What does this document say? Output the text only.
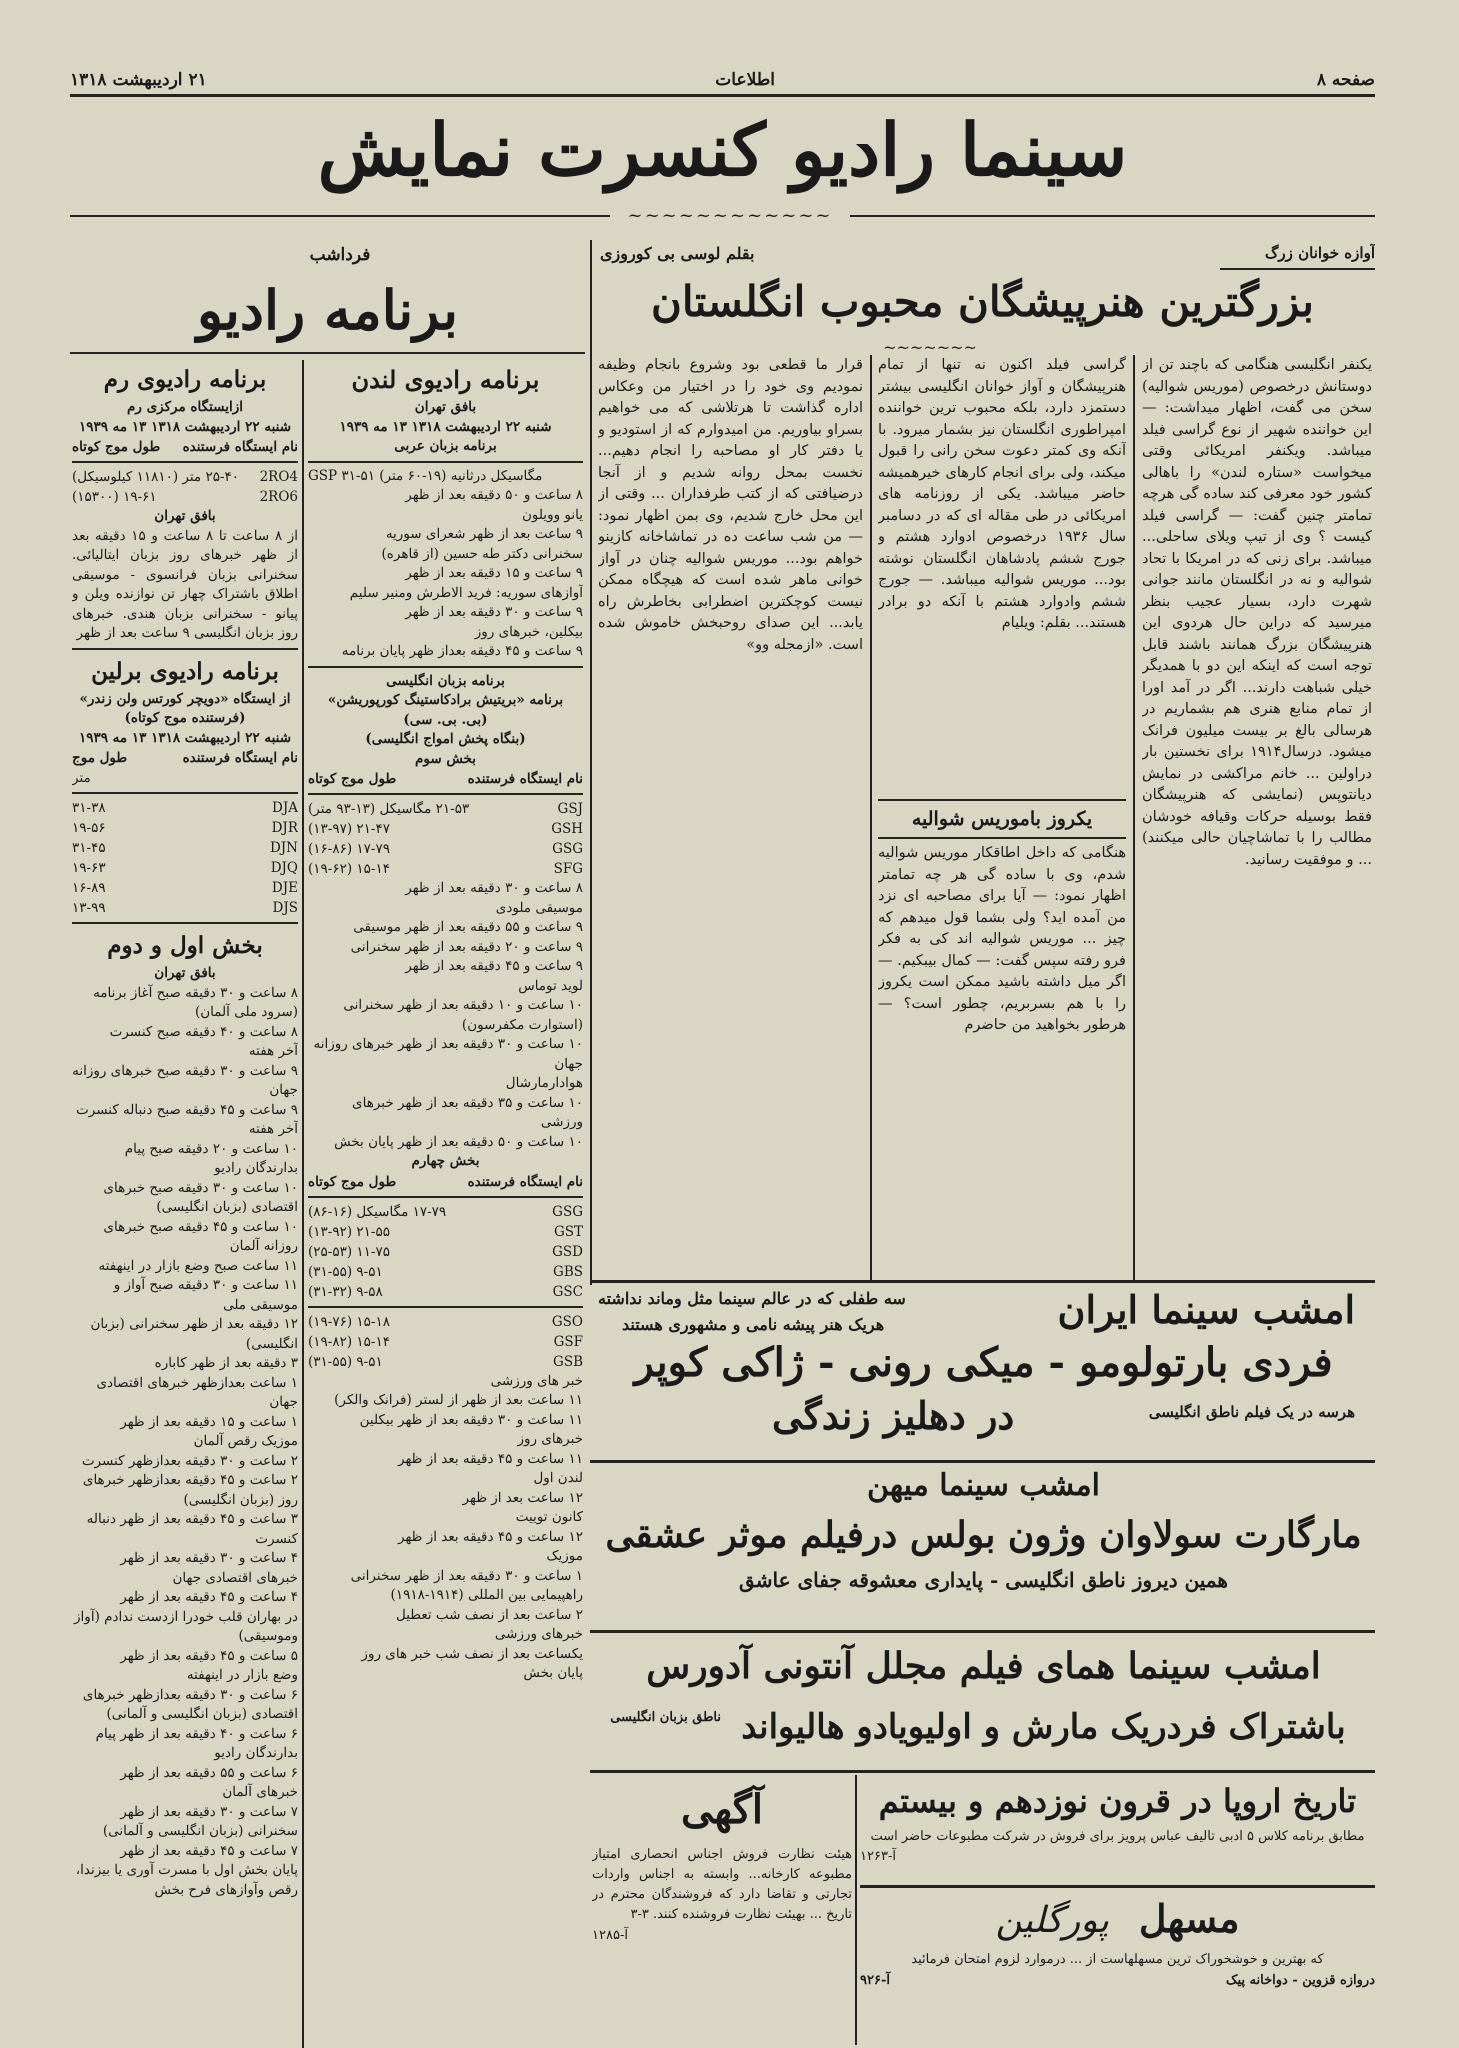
صفحه ۸
اطلاعات
۲۱ اردیبهشت ۱۳۱۸
سینما رادیو کنسرت نمایش
~~~~~~~~~~~~
آوازه خوانان زرگ
بقلم لوسی بی کوروزی
بزرگترین هنرپیشگان محبوب انگلستان
~~~~~~~
یکنفر انگلیسی هنگامی که باچند تن از دوستانش درخصوص (موریس شوالیه) سخن می گفت، اظهار میداشت: — این خواننده شهیر از نوع گراسی فیلد میباشد. ویکنفر امریکائی وقتی میخواست «ستاره لندن» را باهالی کشور خود معرفی کند ساده گی هرچه تمامتر چنین گفت: — گراسی فیلد کیست ؟ وی از تیپ ویلای ساحلی... میباشد. برای زنی که در امریکا با تحاد شوالیه و نه در انگلستان مانند جوانی شهرت دارد، بسیار عجیب بنظر میرسید که دراین حال هردوی این هنرپیشگان بزرگ همانند باشند قابل توجه است که اینکه این دو با همدیگر خیلی شباهت دارند... اگر در آمد اورا از تمام منابع هنری هم بشماریم در هرسالی بالغ بر بیست میلیون فرانک میشود. درسال۱۹۱۴ برای نخستین بار دراولین ... خانم مراکشی در نمایش دیانتوپس (نمایشی که هنرپیشگان فقط بوسیله حرکات وقیافه خودشان مطالب را با تماشاچیان حالی میکنند) ... و موفقیت رسانید.
گراسی فیلد اکنون نه تنها از تمام هنرپیشگان و آواز خوانان انگلیسی بیشتر دستمزد دارد، بلکه محبوب ترین خواننده امپراطوری انگلستان نیز بشمار میرود. با آنکه وی کمتر دعوت سخن رانی را قبول میکند، ولی برای انجام کارهای خیرهمیشه حاضر میباشد. یکی از روزنامه های امریکائی در طی مقاله ای که در دسامبر سال ۱۹۳۶ درخصوص ادوارد هشتم و جورج ششم پادشاهان انگلستان نوشته بود... موریس شوالیه میباشد. — جورج ششم وادوارد هشتم با آنکه دو برادر هستند... بقلم: ویلیام
یکروز باموریس شوالیه
هنگامی که داخل اطاقکار موریس شوالیه شدم، وی با ساده گی هر چه تمامتر اظهار نمود: — آیا برای مصاحبه ای نزد من آمده اید؟ ولی بشما قول میدهم که چیز ... موریس شوالیه اند کی به فکر فرو رفته سپس گفت: — کمال بیبکیم. — اگر میل داشته باشید ممکن است یکروز را با هم بسربریم، چطور است؟ — هرطور بخواهید من حاضرم
قرار ما قطعی بود وشروع بانجام وظیفه نمودیم وی خود را در اختیار من وعکاس اداره گذاشت تا هرتلاشی که می خواهیم بسراو بیاوریم. من امیدوارم که از استودیو و یا دفتر کار او مصاحبه را انجام دهیم... نخست بمحل روانه شدیم و از آنجا درضیافتی که از کتب طرفداران ... وقتی از این محل خارج شدیم، وی بمن اظهار نمود: — من شب ساعت ده در تماشاخانه کازینو خواهم بود... موریس شوالیه چنان در آواز خوانی ماهر شده است که هیچگاه ممکن نیست کوچکترین اضطرابی بخاطرش راه یابد... این صدای روحبخش خاموش شده است. «ازمجله وو»
فرداشب
برنامه رادیو
برنامه رادیوی لندن
بافق تهران
شنبه ۲۲ اردیبهشت ۱۳۱۸ ۱۳ مه ۱۹۳۹
برنامه بزبان عربی
GSP ۳۱-۵۱ مگاسیکل درثانیه (۱۹-۶۰ متر)
۸ ساعت و ۵۰ دقیقه بعد از ظهر
یانو وویلون
۹ ساعت بعد از ظهر شعرای سوریه
سخنرانی دکتر طه حسین (از قاهره)
۹ ساعت و ۱۵ دقیقه بعد از ظهر
آوازهای سوریه: فرید الاطرش ومنیر سلیم
۹ ساعت و ۳۰ دقیقه بعد از ظهر
بیکلین، خبرهای روز
۹ ساعت و ۴۵ دقیقه بعداز ظهر پایان برنامه
برنامه بزبان انگلیسی
برنامه «بریتیش برادکاستینگ کورپوریشن»
(بی. بی. سی)
(بنگاه پخش امواج انگلیسی)
بخش سوم
نام ایستگاه فرستنده
طول موج کوتاه
GSJ
۲۱-۵۳ مگاسیکل (۱۳-۹۳ متر)
GSH
۲۱-۴۷ (۱۳-۹۷)
GSG
۱۷-۷۹ (۱۶-۸۶)
SFG
۱۵-۱۴ (۱۹-۶۲)
۸ ساعت و ۳۰ دقیقه بعد از ظهر
موسیقی ملودی
۹ ساعت و ۵۵ دقیقه بعد از ظهر موسیقی
۹ ساعت و ۲۰ دقیقه بعد از ظهر سخنرانی
۹ ساعت و ۴۵ دقیقه بعد از ظهر
لوید توماس
۱۰ ساعت و ۱۰ دقیقه بعد از ظهر سخنرانی
(استوارت مکفرسون)
۱۰ ساعت و ۳۰ دقیقه بعد از ظهر خبرهای روزانه جهان
هوادارمارشال
۱۰ ساعت و ۳۵ دقیقه بعد از ظهر خبرهای ورزشی
۱۰ ساعت و ۵۰ دقیقه بعد از ظهر پایان بخش
بخش چهارم
نام ایستگاه فرستنده
طول موج کوتاه
GSG
۱۷-۷۹ مگاسیکل (۱۶-۸۶)
GST
۲۱-۵۵ (۱۳-۹۲)
GSD
۱۱-۷۵ (۲۵-۵۳)
GBS
۹-۵۱ (۳۱-۵۵)
GSC
۹-۵۸ (۳۱-۳۲)
GSO
۱۵-۱۸ (۱۹-۷۶)
GSF
۱۵-۱۴ (۱۹-۸۲)
GSB
۹-۵۱ (۳۱-۵۵)
خبر های ورزشی
۱۱ ساعت بعد از ظهر از لستر (فرانک والکر)
۱۱ ساعت و ۳۰ دقیقه بعد از ظهر بیکلین
خبرهای روز
۱۱ ساعت و ۴۵ دقیقه بعد از ظهر
لندن اول
۱۲ ساعت بعد از ظهر
کانون توییت
۱۲ ساعت و ۴۵ دقیقه بعد از ظهر
موزیک
۱ ساعت و ۳۰ دقیقه بعد از ظهر سخنرانی
راهپیمایی بین المللی (۱۹۱۴-۱۹۱۸)
۲ ساعت بعد از نصف شب تعطیل
خبرهای ورزشی
یکساعت بعد از نصف شب خبر های روز
پایان بخش
برنامه رادیوی رم
ازایستگاه مرکزی رم
شنبه ۲۲ اردیبهشت ۱۳۱۸ ۱۳ مه ۱۹۳۹
نام ایستگاه فرستنده
طول موج کوتاه
2RO4
۲۵-۴۰ متر (۱۱۸۱۰ کیلوسیکل)
2RO6
۱۹-۶۱ (۱۵۳۰۰)
بافق تهران
از ۸ ساعت تا ۸ ساعت و ۱۵ دقیقه بعد از ظهر خبرهای روز بزبان ایتالیائی. سخنرانی بزبان فرانسوی - موسیقی اطلاق باشتراک چهار تن نوازنده ویلن و پیانو - سخنرانی بزبان هندی. خبرهای روز بزبان انگلیسی ۹ ساعت بعد از ظهر
برنامه رادیوی برلین
از ایستگاه «دویچر کورتس ولن زندر»
(فرستنده موج کوتاه)
شنبه ۲۲ اردیبهشت ۱۳۱۸ ۱۳ مه ۱۹۳۹
نام ایستگاه فرستنده
طول موج
متر
DJA
۳۱-۳۸
DJR
۱۹-۵۶
DJN
۳۱-۴۵
DJQ
۱۹-۶۳
DJE
۱۶-۸۹
DJS
۱۳-۹۹
بخش اول و دوم
بافق تهران
۸ ساعت و ۳۰ دقیقه صبح آغاز برنامه
(سرود ملی آلمان)
۸ ساعت و ۴۰ دقیقه صبح کنسرت
آخر هفته
۹ ساعت و ۳۰ دقیقه صبح خبرهای روزانه جهان
۹ ساعت و ۴۵ دقیقه صبح دنباله کنسرت
آخر هفته
۱۰ ساعت و ۲۰ دقیقه صبح پیام بدارندگان رادیو
۱۰ ساعت و ۳۰ دقیقه صبح خبرهای اقتصادی (بزبان انگلیسی)
۱۰ ساعت و ۴۵ دقیقه صبح خبرهای روزانه آلمان
۱۱ ساعت صبح وضع بازار در اینهفته
۱۱ ساعت و ۳۰ دقیقه صبح آواز و موسیقی ملی
۱۲ دقیقه بعد از ظهر سخنرانی (بزبان انگلیسی)
۳ دقیقه بعد از ظهر کاباره
۱ ساعت بعدازظهر خبرهای اقتصادی جهان
۱ ساعت و ۱۵ دقیقه بعد از ظهر
موزیک رقص آلمان
۲ ساعت و ۳۰ دقیقه بعدازظهر کنسرت
۲ ساعت و ۴۵ دقیقه بعدازظهر خبرهای روز (بزبان انگلیسی)
۳ ساعت و ۴۵ دقیقه بعد از ظهر دنباله کنسرت
۴ ساعت و ۳۰ دقیقه بعد از ظهر
خبرهای اقتصادی جهان
۴ ساعت و ۴۵ دقیقه بعد از ظهر
در بهاران قلب خودرا ازدست ندادم (آواز وموسیقی)
۵ ساعت و ۴۵ دقیقه بعد از ظهر
وضع بازار در اینهفته
۶ ساعت و ۳۰ دقیقه بعدازظهر خبرهای اقتصادی (بزبان انگلیسی و آلمانی)
۶ ساعت و ۴۰ دقیقه بعد از ظهر پیام بدارندگان رادیو
۶ ساعت و ۵۵ دقیقه بعد از ظهر
خبرهای آلمان
۷ ساعت و ۳۰ دقیقه بعد از ظهر سخنرانی (بزبان انگلیسی و آلمانی)
۷ ساعت و ۴۵ دقیقه بعد از ظهر
پایان بخش اول با مسرت آوری یا بیزندا، رقص وآوازهای فرح بخش
سه طفلی که در عالم سینما مثل وماند نداشته
هریک هنر پیشه نامی و مشهوری هستند	امشب سینما ایران
فردی بارتولومو - میکی رونی - ژاکی کوپر
هرسه در یک فیلم ناطق انگلیسی
در دهلیز زندگی
امشب سینما میهن
مارگارت سولاوان وژون بولس درفیلم موثر عشقی
همین دیروز ناطق انگلیسی - پایداری معشوقه جفای عاشق
امشب سینما همای فیلم مجلل آنتونی آدورس
باشتراک فردریک مارش و اولیویادو هالیواند
ناطق بزبان انگلیسی
تاریخ اروپا در قرون نوزدهم و بیستم
مطابق برنامه کلاس ۵ ادبی تالیف عباس پرویز برای فروش در شرکت مطبوعات حاضر است
آ-۱۲۶۳
مسهل
پورگلین
که بهترین و خوشخوراک ترین مسهلهاست از ... درموارد لزوم امتحان فرمائید
دروازه قزوین - دواخانه پیک
آ-۹۲۶
آگهی
هیئت نظارت فروش اجناس انحصاری امتیاز مطبوعه کارخانه... وابسته به اجناس واردات تجارتی و تقاضا دارد که فروشندگان محترم در تاریخ ... بهیئت نظارت فروشنده کنند. ۳-۳
آ-۱۲۸۵
